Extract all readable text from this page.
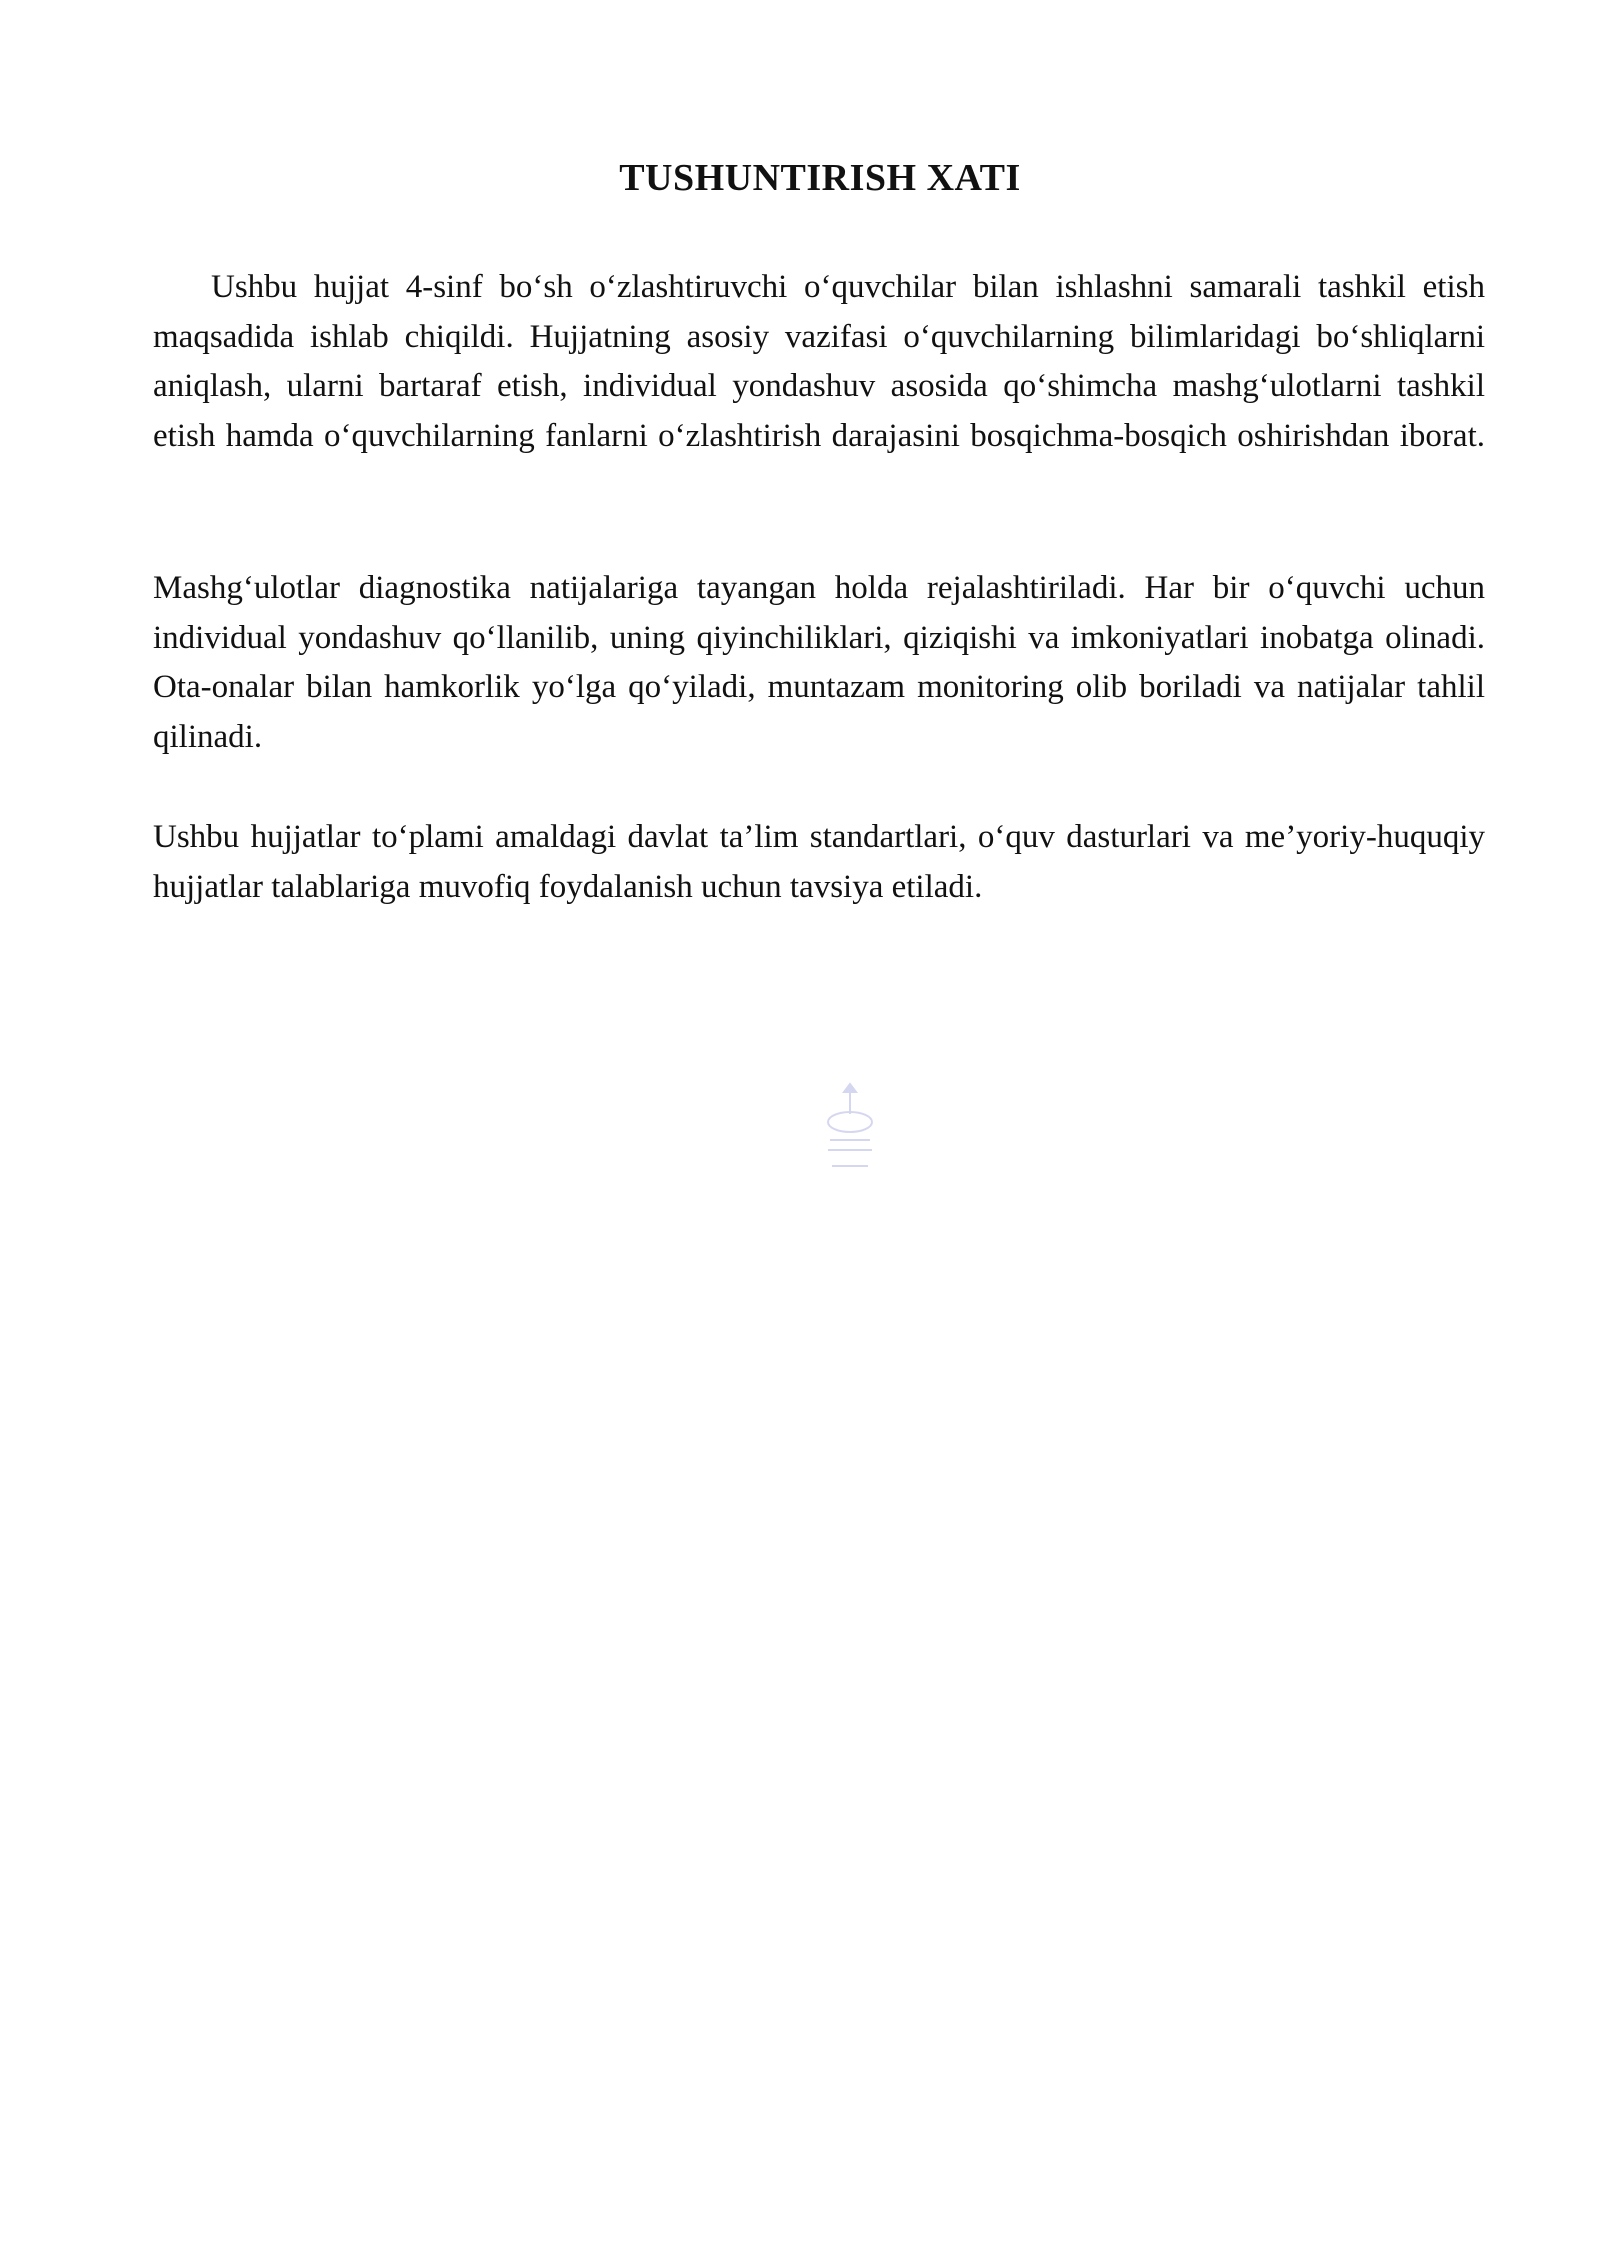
TUSHUNTIRISH XATI

Ushbu hujjat 4-sinf bo‘sh o‘zlashtiruvchi o‘quvchilar bilan ishlashni samarali tashkil etish maqsadida ishlab chiqildi. Hujjatning asosiy vazifasi o‘quvchilarning bilimlaridagi bo‘shliqlarni aniqlash, ularni bartaraf etish, individual yondashuv asosida qo‘shimcha mashg‘ulotlarni tashkil etish hamda o‘quvchilarning fanlarni o‘zlashtirish darajasini bosqichma-bosqich oshirishdan iborat.

Mashg‘ulotlar diagnostika natijalariga tayangan holda rejalashtiriladi. Har bir o‘quvchi uchun individual yondashuv qo‘llanilib, uning qiyinchiliklari, qiziqishi va imkoniyatlari inobatga olinadi. Ota-onalar bilan hamkorlik yo‘lga qo‘yiladi, muntazam monitoring olib boriladi va natijalar tahlil qilinadi.

Ushbu hujjatlar to‘plami amaldagi davlat ta’lim standartlari, o‘quv dasturlari va me’yoriy-huquqiy hujjatlar talablariga muvofiq foydalanish uchun tavsiya etiladi.
